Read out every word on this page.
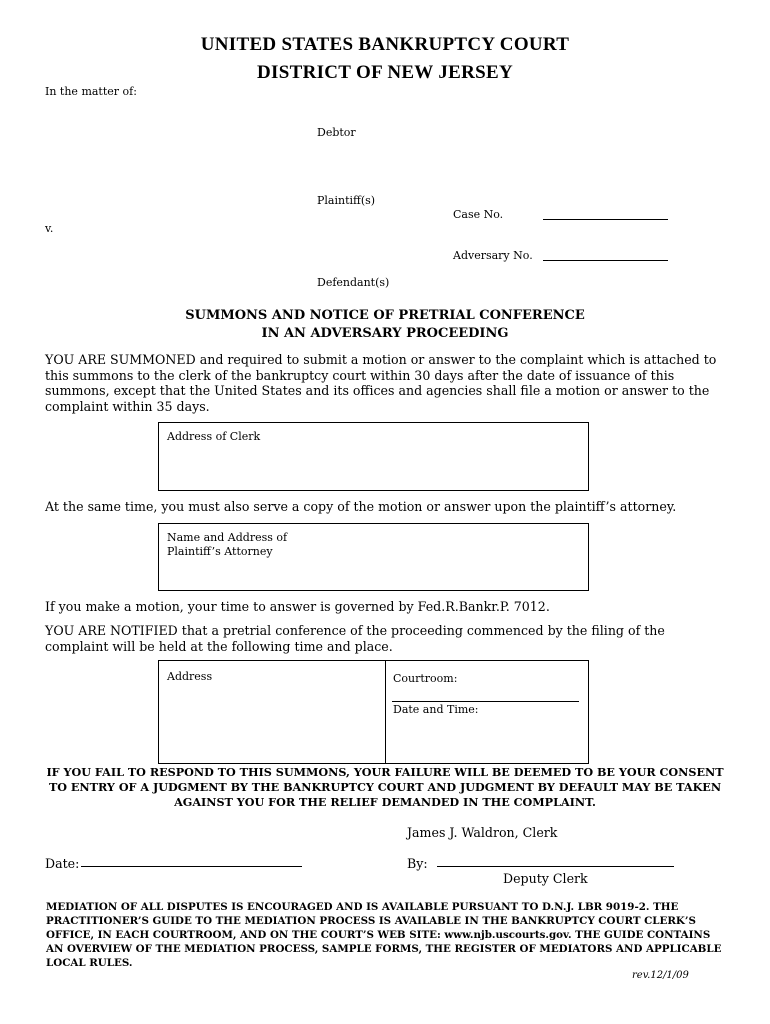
UNITED STATES BANKRUPTCY COURT
DISTRICT OF NEW JERSEY
In the matter of:
Debtor
Plaintiff(s)
Case No.
v.
Adversary No.
Defendant(s)
SUMMONS AND NOTICE OF PRETRIAL CONFERENCE
IN AN ADVERSARY PROCEEDING
YOU ARE SUMMONED and required to submit a motion or answer to the complaint which is attached to this summons to the clerk of the bankruptcy court within 30 days after the date of issuance of this summons, except that the United States and its offices and agencies shall file a motion or answer to the complaint within 35 days.
Address of Clerk
At the same time, you must also serve a copy of the motion or answer upon the plaintiff’s attorney.
Name and Address of
Plaintiff’s Attorney
If you make a motion, your time to answer is governed by Fed.R.Bankr.P. 7012.
YOU ARE NOTIFIED that a pretrial conference of the proceeding commenced by the filing of the complaint will be held at the following time and place.
Address	Courtroom:
Date and Time:
IF YOU FAIL TO RESPOND TO THIS SUMMONS, YOUR FAILURE WILL BE DEEMED TO BE YOUR CONSENT TO ENTRY OF A JUDGMENT BY THE BANKRUPTCY COURT AND JUDGMENT BY DEFAULT MAY BE TAKEN AGAINST YOU FOR THE RELIEF DEMANDED IN THE COMPLAINT.
James J. Waldron, Clerk
Date:	By:
Deputy Clerk
MEDIATION OF ALL DISPUTES IS ENCOURAGED AND IS AVAILABLE PURSUANT TO D.N.J. LBR 9019-2. THE PRACTITIONER’S GUIDE TO THE MEDIATION PROCESS IS AVAILABLE IN THE BANKRUPTCY COURT CLERK’S OFFICE, IN EACH COURTROOM, AND ON THE COURT’S WEB SITE: www.njb.uscourts.gov. THE GUIDE CONTAINS AN OVERVIEW OF THE MEDIATION PROCESS, SAMPLE FORMS, THE REGISTER OF MEDIATORS AND APPLICABLE LOCAL RULES.
rev.12/1/09
